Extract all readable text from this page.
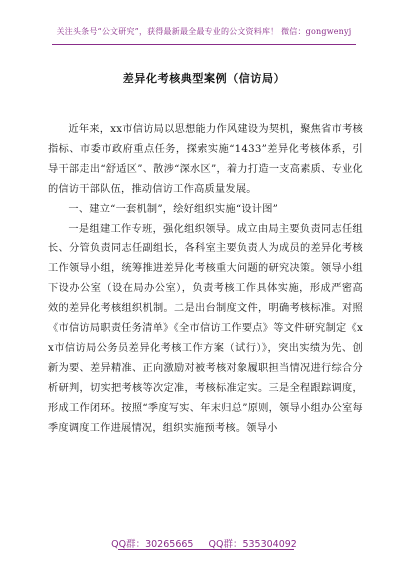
关注头条号“公文研究”，获得最新最全最专业的公文资料库！ 微信：gongwenyj
差异化考核典型案例（信访局）

近年来，xx市信访局以思想能力作风建设为契机，聚焦省市考核指标、市委市政府重点任务，探索实施“1433”差异化考核体系，引导干部走出“舒适区”、散涉“深水区”，着力打造一支高素质、专业化的信访干部队伍，推动信访工作高质量发展。

一、建立“一套机制”，绘好组织实施“设计图”

一是组建工作专班，强化组织领导。成立由局主要负责同志任组长、分管负责同志任副组长，各科室主要负责人为成员的差异化考核工作领导小组，统筹推进差异化考核重大问题的研究决策。领导小组下设办公室（设在局办公室），负责考核工作具体实施，形成严密高效的差异化考核组织机制。二是出台制度文件，明确考核标准。对照《市信访局职责任务清单》《全市信访工作要点》等文件研究制定《xx市信访局公务员差异化考核工作方案（试行）》，突出实绩为先、创新为要、差异精准、正向激励对被考核对象履职担当情况进行综合分析研判，切实把考核等次定准，考核标准定实。三是全程跟踪调度，形成工作闭环。按照“季度写实、年末归总”原则，领导小组办公室每季度调度工作进展情况，组织实施预考核。领导小

QQ群：30265665 QQ群：535304092
